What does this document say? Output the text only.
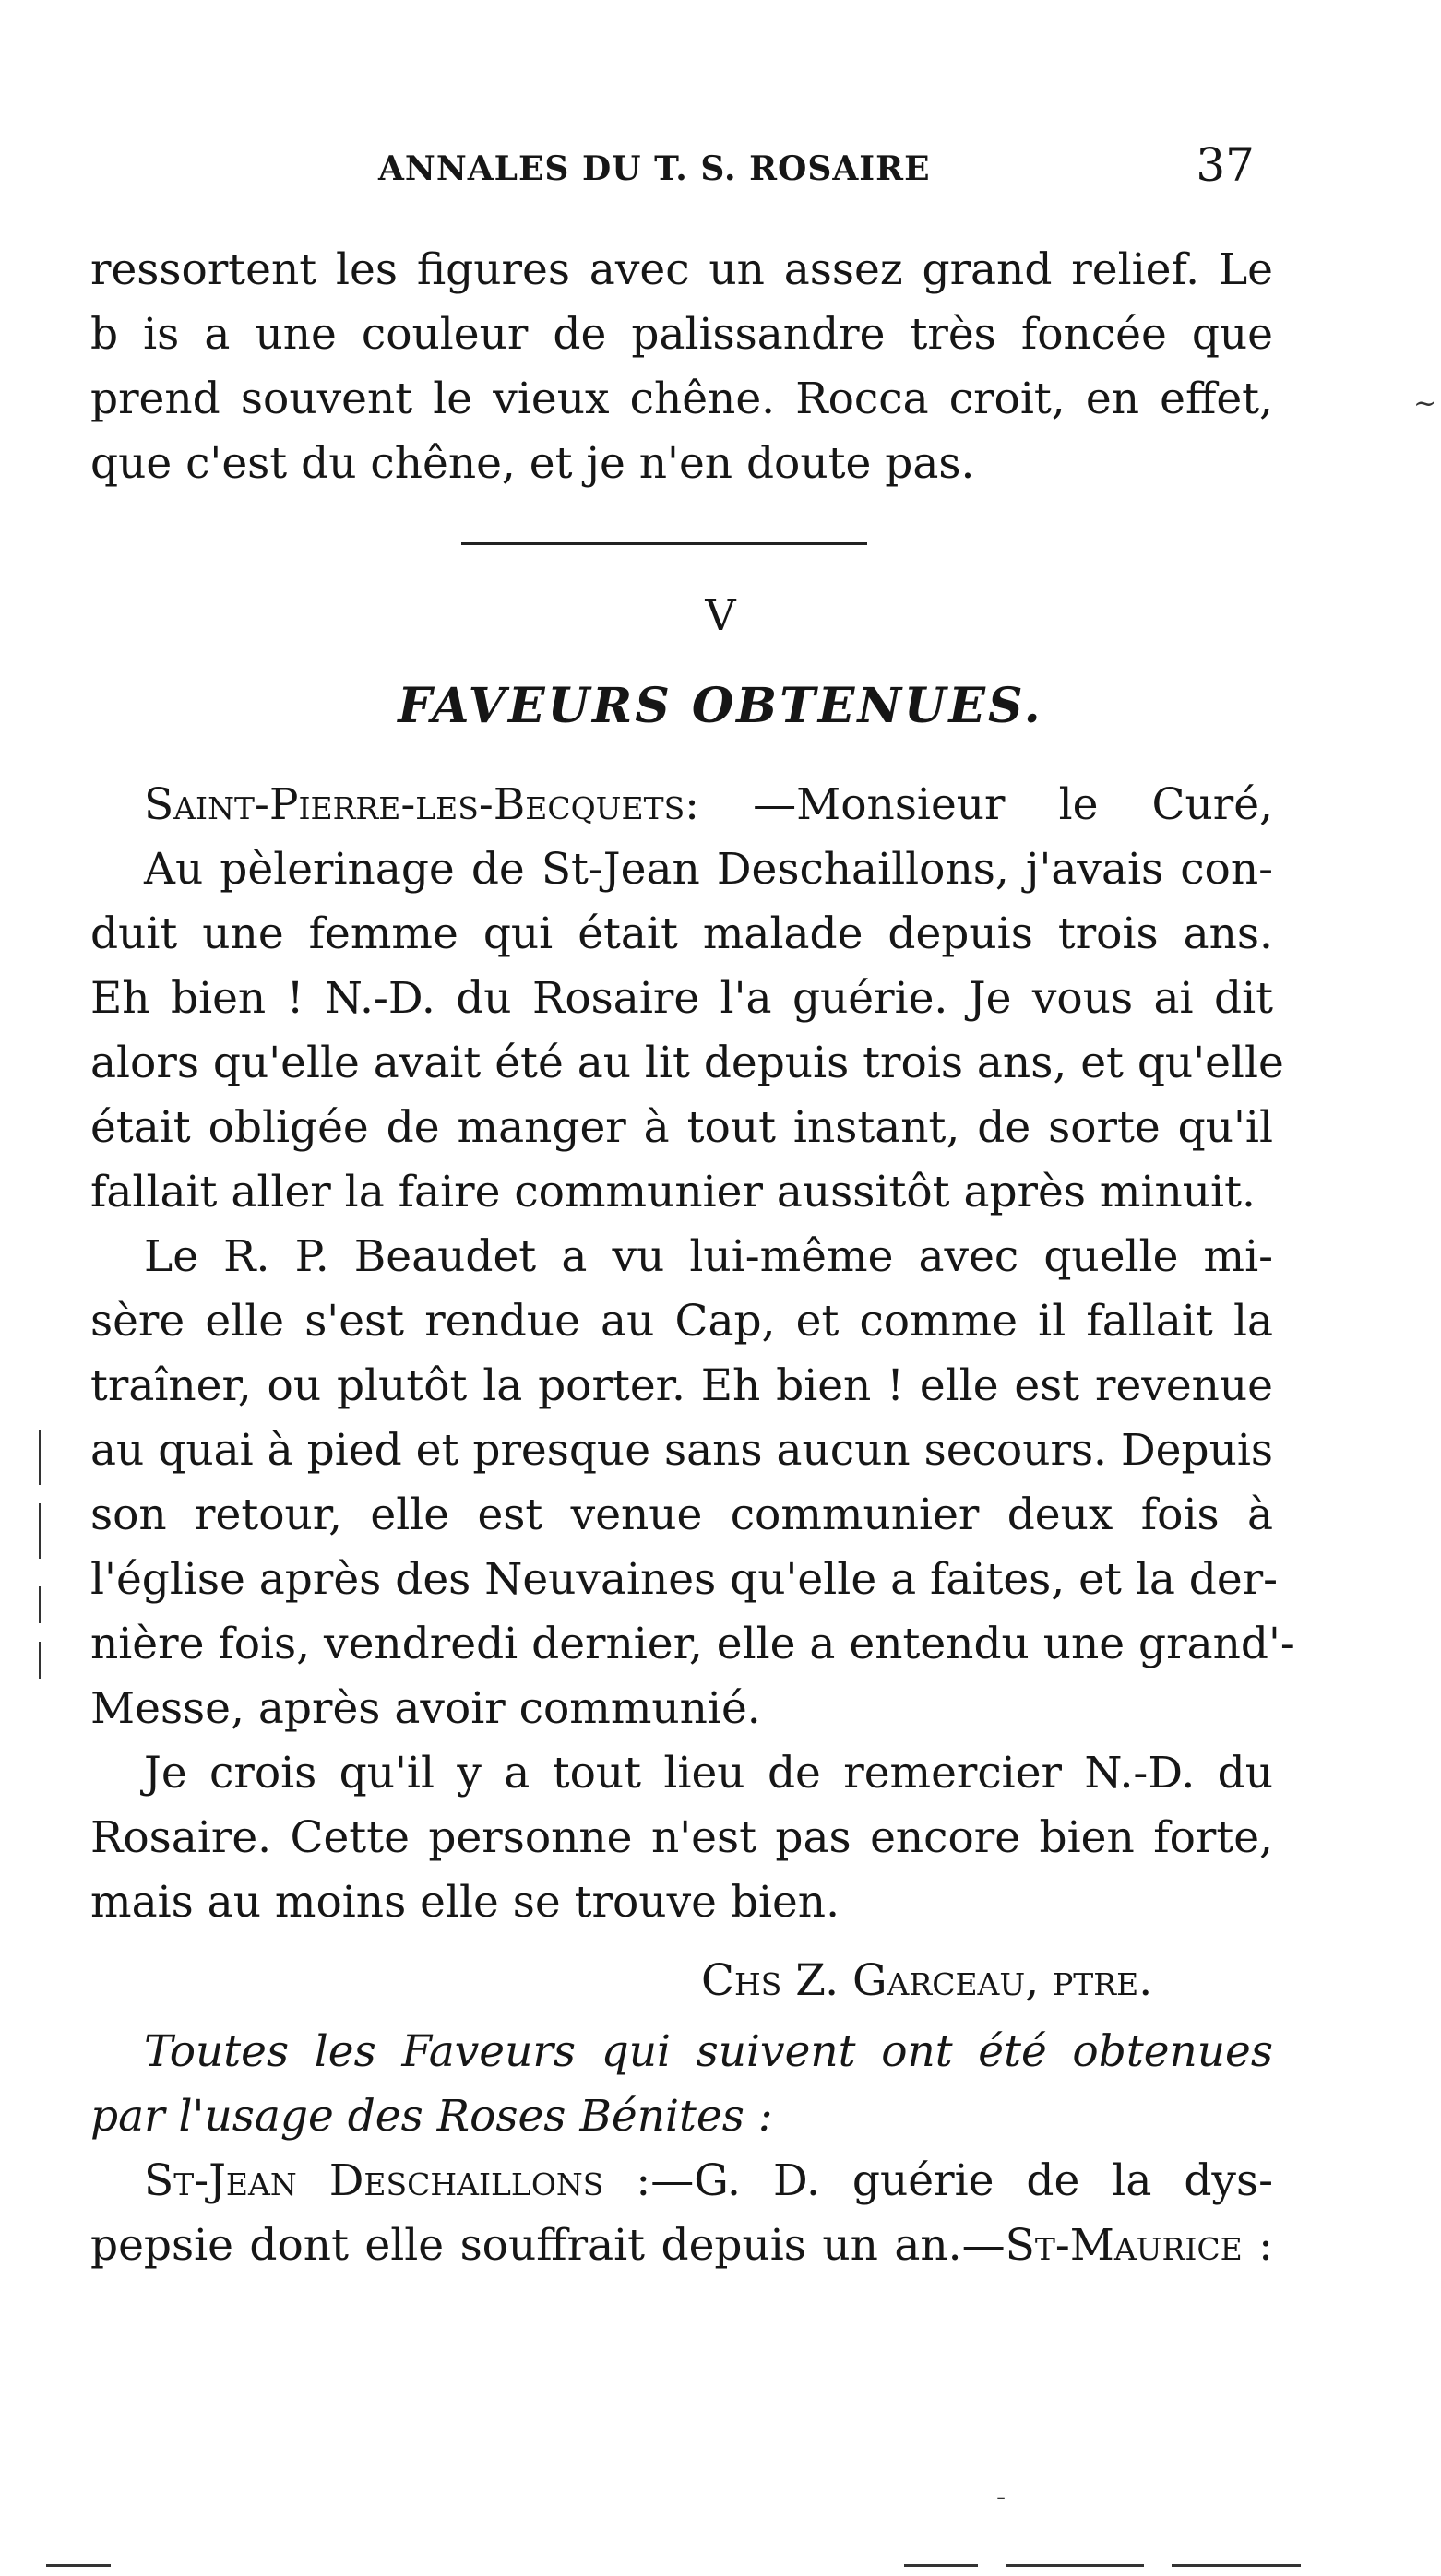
ANNALES DU T. S. ROSAIRE	37
ressortent les figures avec un assez grand relief. Le
b is a une couleur de palissandre très foncée que
prend souvent le vieux chêne. Rocca croit, en effet,
que c'est du chêne, et je n'en doute pas.
V
FAVEURS OBTENUES.
Saint-Pierre-les-Becquets: —Monsieur le Curé,
Au pèlerinage de St-Jean Deschaillons, j'avais con-
duit une femme qui était malade depuis trois ans.
Eh bien ! N.-D. du Rosaire l'a guérie. Je vous ai dit
alors qu'elle avait été au lit depuis trois ans, et qu'elle
était obligée de manger à tout instant, de sorte qu'il
fallait aller la faire communier aussitôt après minuit.
Le R. P. Beaudet a vu lui-même avec quelle mi-
sère elle s'est rendue au Cap, et comme il fallait la
traîner, ou plutôt la porter. Eh bien ! elle est revenue
au quai à pied et presque sans aucun secours. Depuis
son retour, elle est venue communier deux fois à
l'église après des Neuvaines qu'elle a faites, et la der-
nière fois, vendredi dernier, elle a entendu une grand'-
Messe, après avoir communié.
Je crois qu'il y a tout lieu de remercier N.-D. du
Rosaire. Cette personne n'est pas encore bien forte,
mais au moins elle se trouve bien.
Chs Z. Garceau, ptre.
Toutes les Faveurs qui suivent ont été obtenues
par l'usage des Roses Bénites :
St-Jean Deschaillons :—G. D. guérie de la dys-
pepsie dont elle souffrait depuis un an.—St-Maurice :
~
-
